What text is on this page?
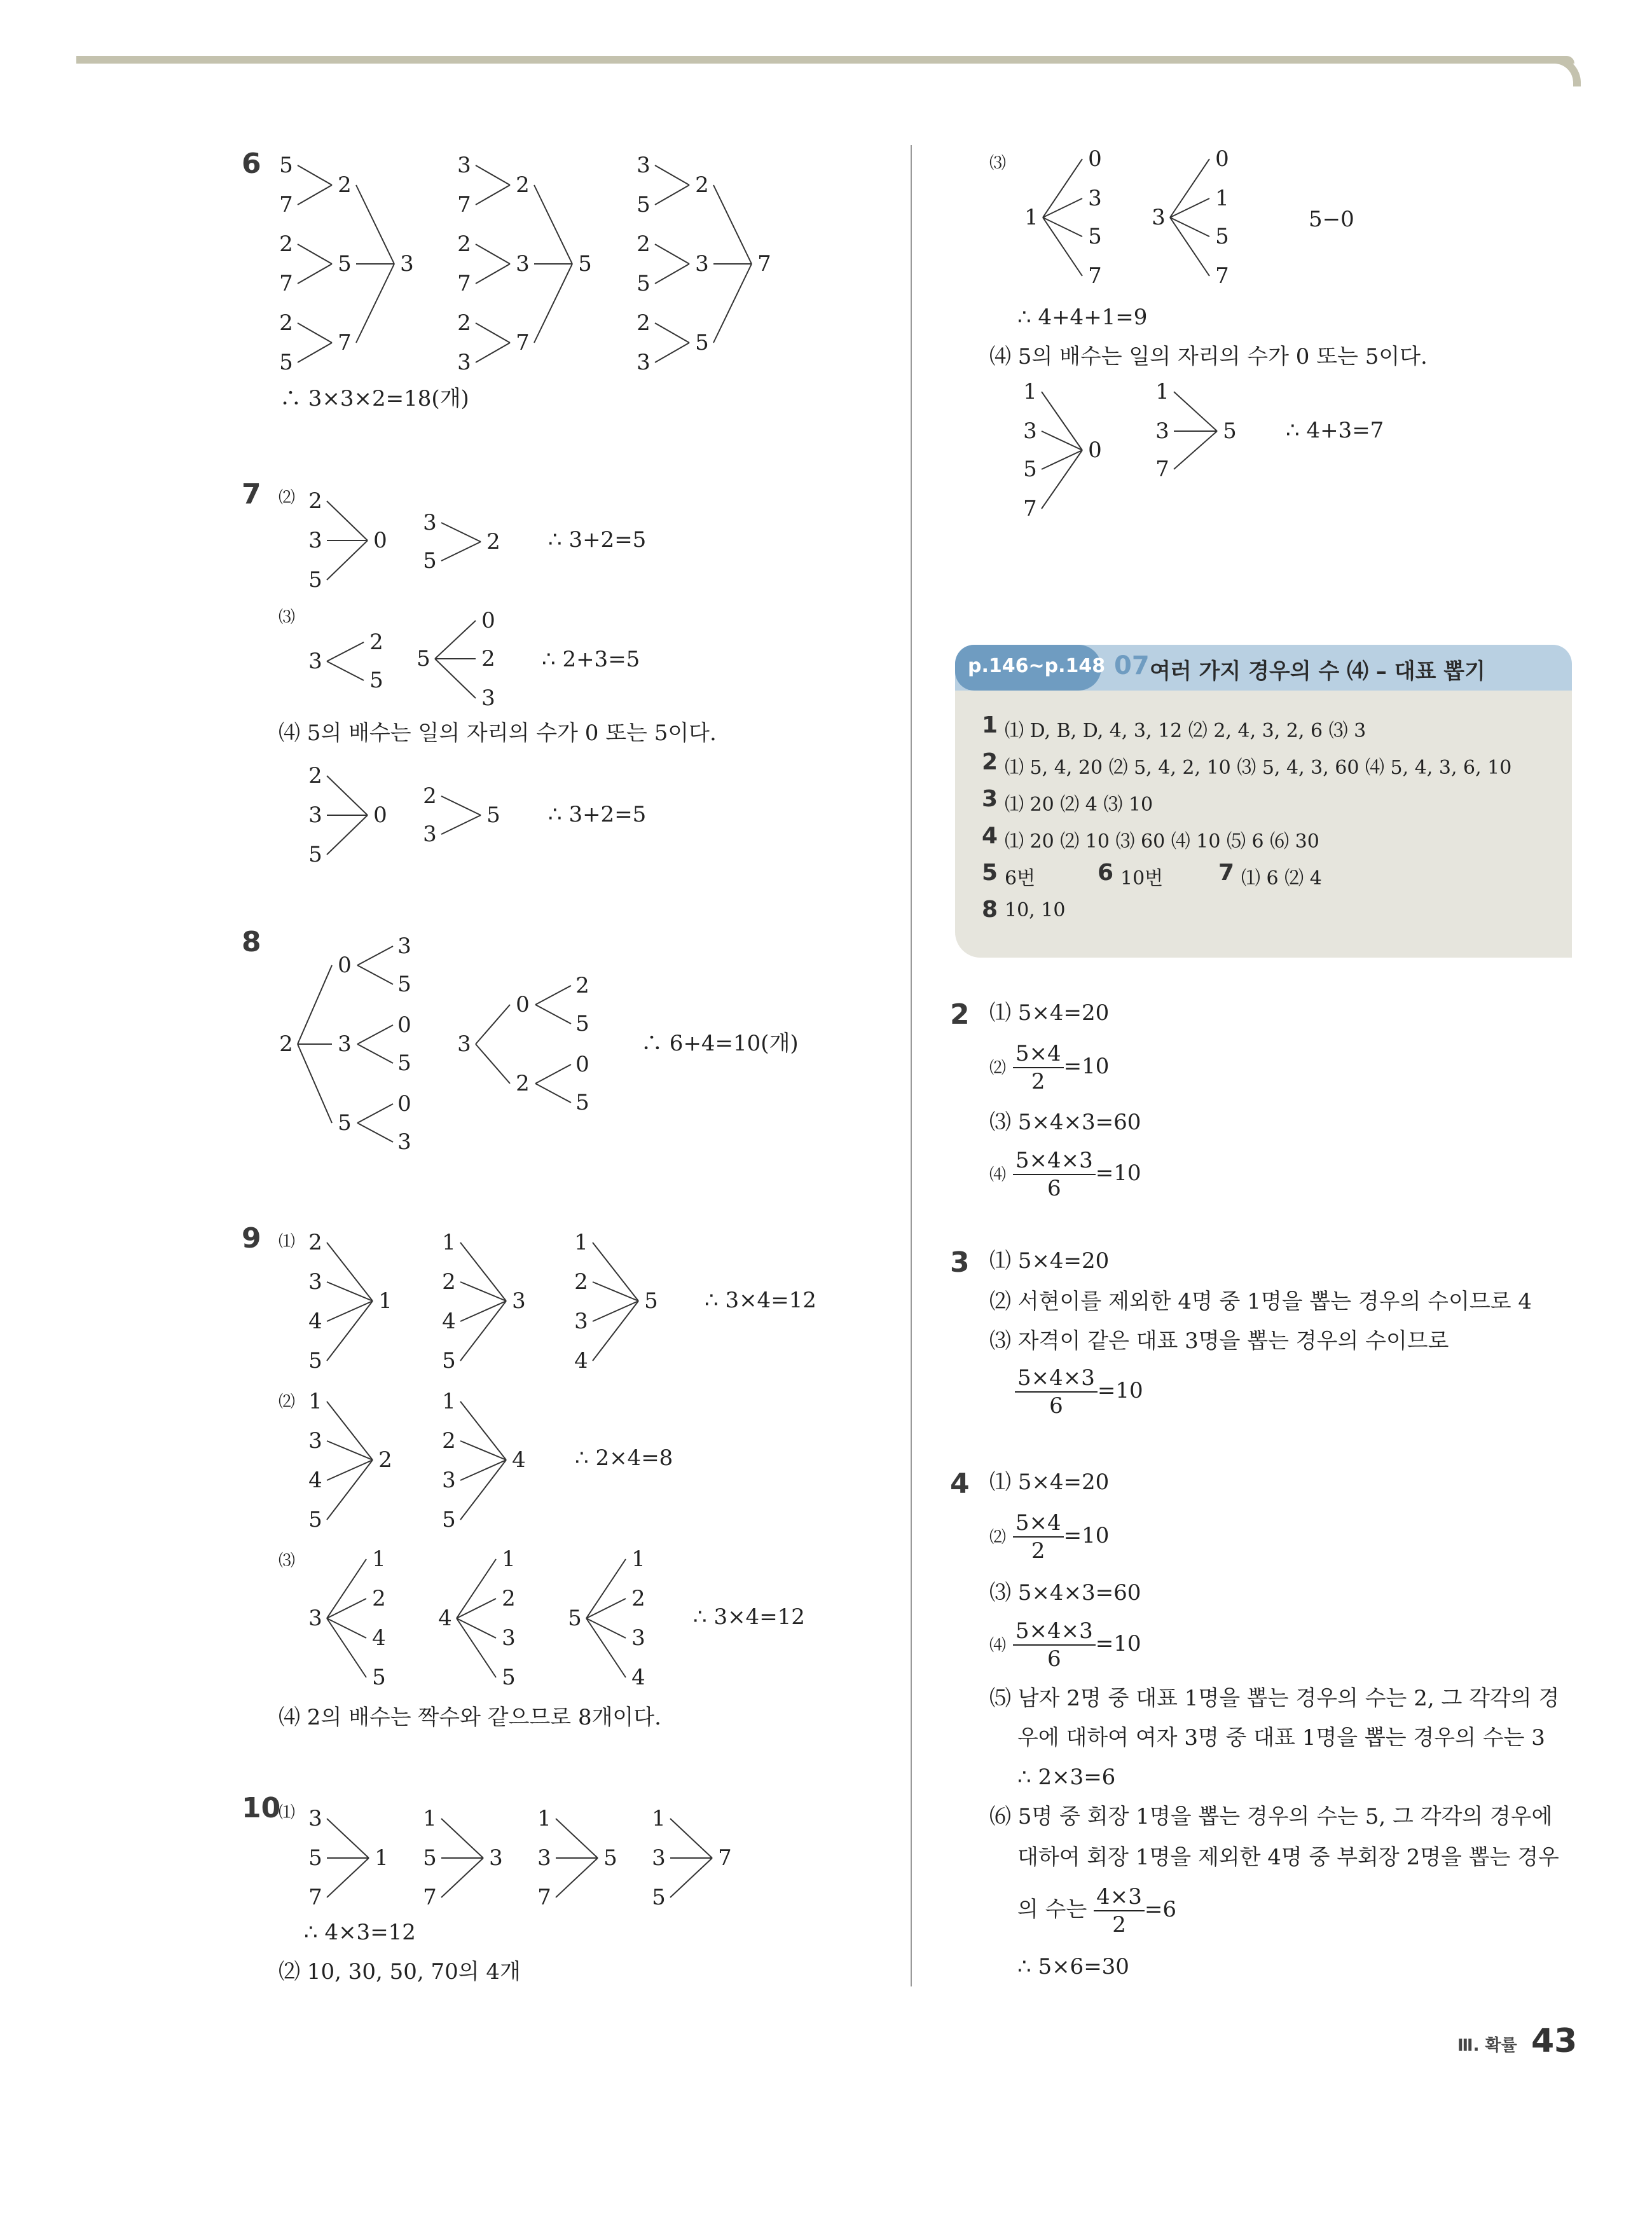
6 5
7
2
3
7
2
3
5
2
2
7
5
2
7
3
2
5
3
2
5
7
2
3
7
2
3
5
3	5	7
∴ 3×3×2=18(개)
7 ⑵ 2
3
5
0
3
5
2
3
2
5
5
0
2
3
2
3
5
0
2
3
5
∴ 3+2=5
⑶
∴ 2+3=5
⑷ 5의 배수는 일의 자리의 수가 0 또는 5이다.
∴ 3+2=5
8
2
0
3
5
3
5
0
5
0
3
3
0
2
2
5
0
5
∴ 6+4=10(개)
9 ⑴ 2
3
4
5
1
1
2
4
5
3
1
2
3
4
5
1
3
4
5
2
1
2
3
5
4
3
1
2
4
5
4
1
2
3
5
5
1
2
3
4
∴ 3×4=12
⑵
∴ 2×4=8
⑶
∴ 3×4=12
⑷ 2의 배수는 짝수와 같으므로 8개이다.
10
⑴ 3
5
7
1
1
5
7
3
1
3
7
5
1
3
5
7
∴ 4×3=12
⑵ 10, 30, 50, 70의 4개
⑶
1
0
3
5
7
3
0
1
5
7
1
3
5
7
0
1
3
7
5
5−0
∴ 4+4+1=9
⑷ 5의 배수는 일의 자리의 수가 0 또는 5이다.
∴ 4+3=7
p.146~p.148 07 여러 가지 경우의 수 ⑷ – 대표 뽑기
1 ⑴ D, B, D, 4, 3, 12 ⑵ 2, 4, 3, 2, 6 ⑶ 3
2 ⑴ 5, 4, 20 ⑵ 5, 4, 2, 10 ⑶ 5, 4, 3, 60 ⑷ 5, 4, 3, 6, 10
3 ⑴ 20 ⑵ 4 ⑶ 10
4 ⑴ 20 ⑵ 10 ⑶ 60 ⑷ 10 ⑸ 6 ⑹ 30
5 6번	6 10번 7 ⑴ 6 ⑵ 4
8 10, 10
2 ⑴ 5×4=20
⑵ $\frac{5\times 4}{2} =10$
⑶ 5×4×3=60
⑷ $\frac{5\times 4\times 3}{6} =10$
3 ⑴ 5×4=20
⑵ 서현이를 제외한 4명 중 1명을 뽑는 경우의 수이므로 4
⑶ 자격이 같은 대표 3명을 뽑는 경우의 수이므로
$\frac{5\times 4\times 3}{6} =10$
4 ⑴ 5×4=20
⑵ $\frac{5\times 4}{2} =10$
⑶ 5×4×3=60
⑷ $\frac{5\times 4\times 3}{6} =10$
⑸ 남자 2명 중 대표 1명을 뽑는 경우의 수는 2, 그 각각의 경
우에 대하여 여자 3명 중 대표 1명을 뽑는 경우의 수는 3
∴ 2×3=6
⑹ 5명 중 회장 1명을 뽑는 경우의 수는 5, 그 각각의 경우에
대하여 회장 1명을 제외한 4명 중 부회장 2명을 뽑는 경우
의 수는 $\frac{4\times 3}{2} =6$
∴ 5×6=30
Ⅲ. 확률 43
